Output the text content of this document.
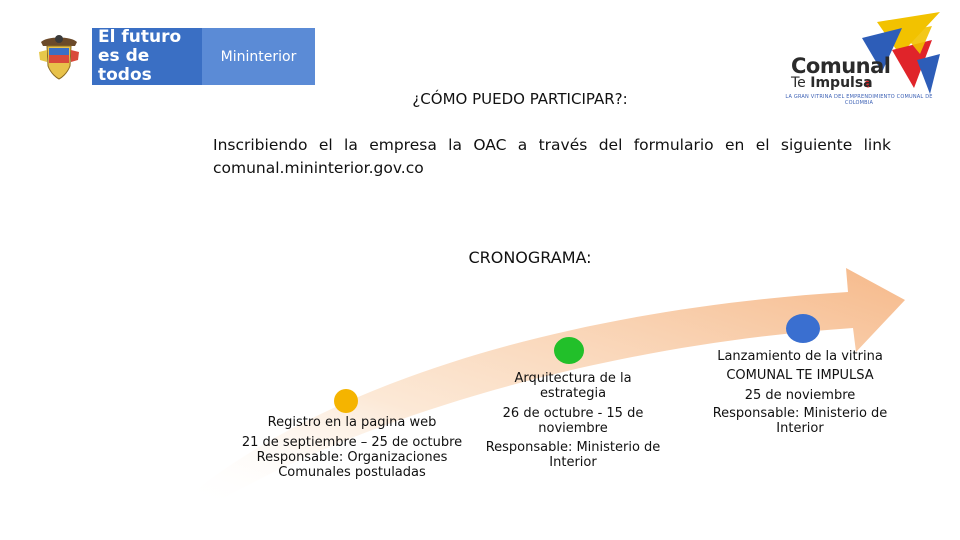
El futuro
es de todos
Mininterior	Comunal
Te Impulsa
LA GRAN VITRINA DEL EMPRENDIMIENTO COMUNAL DE COLOMBIA
¿CÓMO PUEDO PARTICIPAR?:
Inscribiendo el la empresa la OAC a través del formulario en el siguiente link comunal.mininterior.gov.co
CRONOGRAMA:
Registro en la pagina web
21 de septiembre – 25 de octubre
Responsable: Organizaciones Comunales postuladas
Arquitectura de la estrategia
26 de octubre - 15 de noviembre
Responsable: Ministerio de Interior
Lanzamiento de la vitrina COMUNAL TE IMPULSA
25 de noviembre
Responsable: Ministerio de Interior
